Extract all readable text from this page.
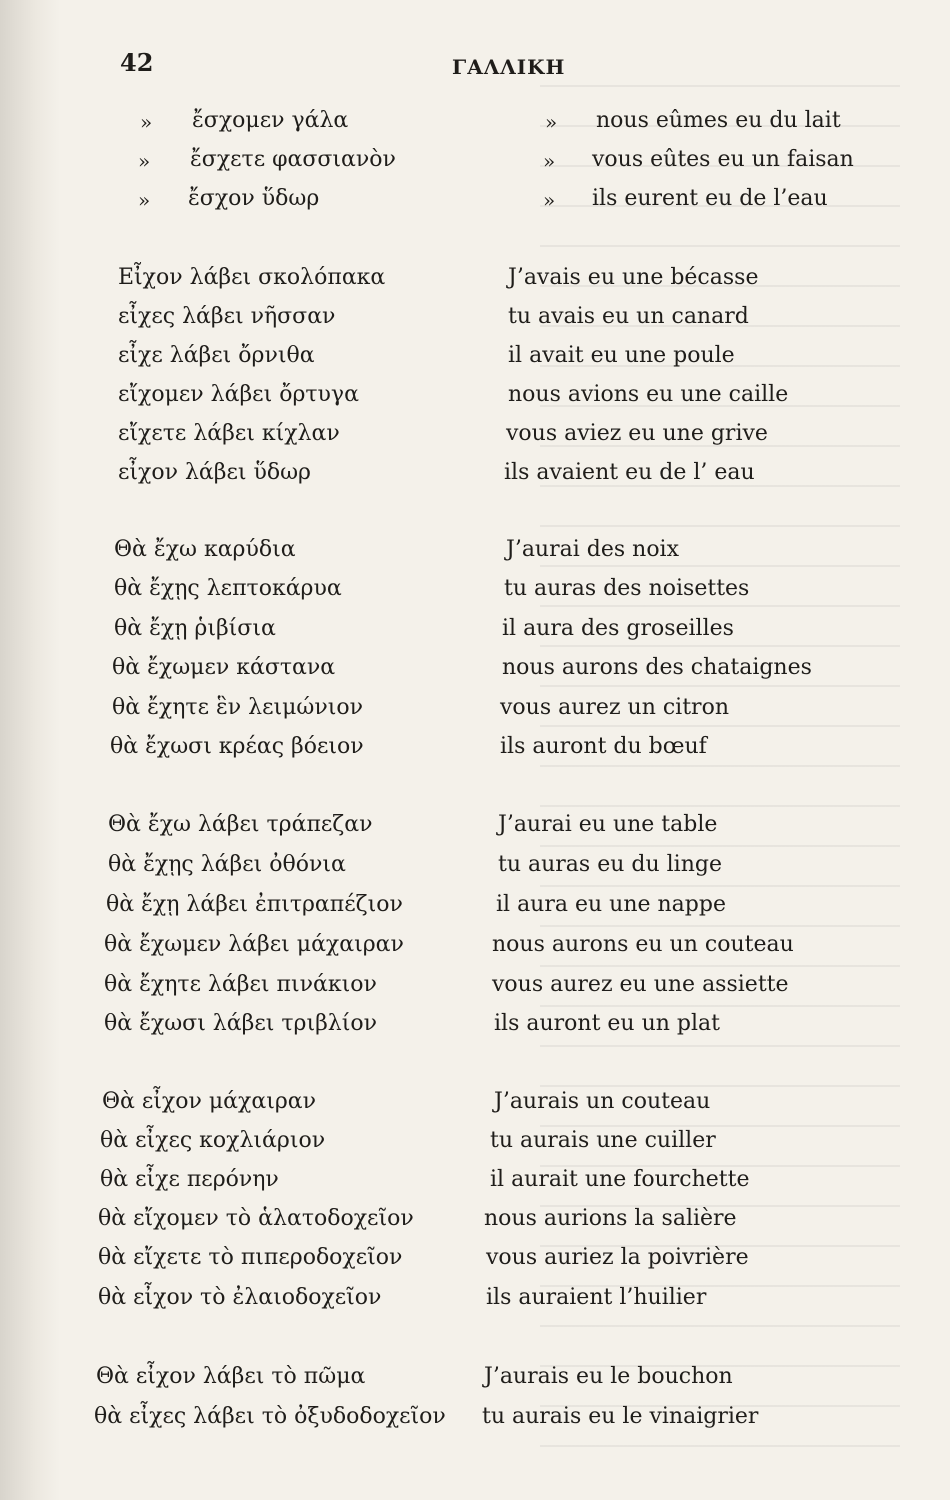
42	ΓΑΛΛΙΚΗ
» ἔσχομεν γάλα	» nous eûmes eu du lait
» ἔσχετε φασσιανὸν	» vous eûtes eu un faisan
» ἔσχον ὕδωρ	» ils eurent eu de l’eau
Εἶχον λάβει σκολόπακα	J’avais eu une bécasse
εἶχες λάβει νῆσσαν	tu avais eu un canard
εἶχε λάβει ὄρνιθα	il avait eu une poule
εἴχομεν λάβει ὄρτυγα	nous avions eu une caille
εἴχετε λάβει κίχλαν	vous aviez eu une grive
εἶχον λάβει ὕδωρ	ils avaient eu de l’ eau
Θὰ ἔχω καρύδια	J’aurai des noix
θὰ ἔχῃς λεπτοκάρυα	tu auras des noisettes
θὰ ἔχῃ ῥιβίσια	il aura des groseilles
θὰ ἔχωμεν κάστανα	nous aurons des chataignes
θὰ ἔχητε ἓν λειμώνιον	vous aurez un citron
θὰ ἔχωσι κρέας βόειον	ils auront du bœuf
Θὰ ἔχω λάβει τράπεζαν	J’aurai eu une table
θὰ ἔχῃς λάβει ὀθόνια	tu auras eu du linge
θὰ ἔχῃ λάβει ἐπιτραπέζιον	il aura eu une nappe
θὰ ἔχωμεν λάβει μάχαιραν	nous aurons eu un couteau
θὰ ἔχητε λάβει πινάκιον	vous aurez eu une assiette
θὰ ἔχωσι λάβει τριβλίον	ils auront eu un plat
Θὰ εἶχον μάχαιραν	J’aurais un couteau
θὰ εἶχες κοχλιάριον	tu aurais une cuiller
θὰ εἶχε περόνην	il aurait une fourchette
θὰ εἴχομεν τὸ ἁλατοδοχεῖον	nous aurions la salière
θὰ εἴχετε τὸ πιπεροδοχεῖον	vous auriez la poivrière
θὰ εἶχον τὸ ἐλαιοδοχεῖον	ils auraient l’huilier
Θὰ εἶχον λάβει τὸ πῶμα	J’aurais eu le bouchon
θὰ εἶχες λάβει τὸ ὀξυδοδοχεῖον tu aurais eu le vinaigrier
